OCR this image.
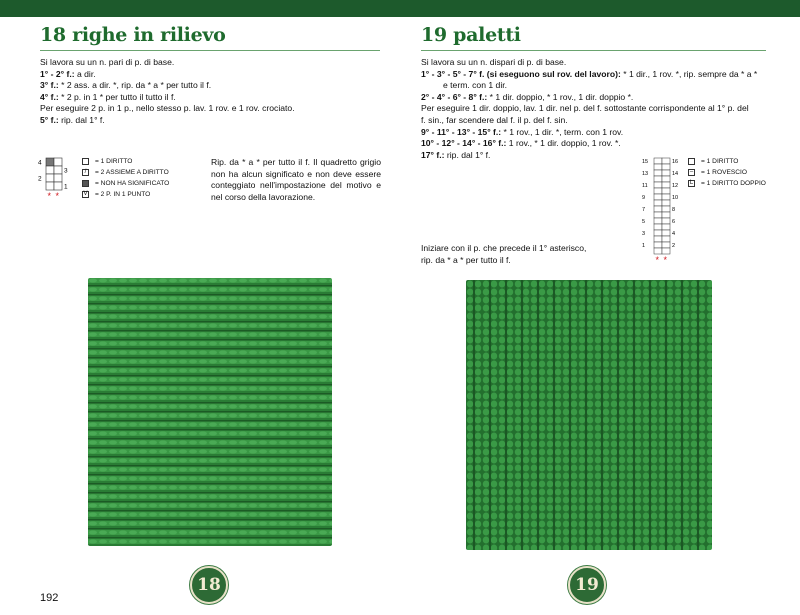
18 righe in rilievo

Si lavora su un n. pari di p. di base.

1° - 2° f.: a dir.

3° f.: * 2 ass. a dir. *, rip. da * a * per tutto il f.

4° f.: * 2 p. in 1 * per tutto il tutto il f.

Per eseguire 2 p. in 1 p., nello stesso p. lav. 1 rov. e 1 rov. crociato.

5° f.: rip. dal 1° f.

4
3
2
1
* *
= 1 DIRITTO
/	= 2 ASSIEME A DIRITTO
= NON HA SIGNIFICATO
V = 2 P. IN 1 PUNTO
Rip. da * a * per tutto il f. Il quadretto grigio non ha alcun significato e non deve essere conteggiato nell'impostazione del motivo e nel corso della lavorazione.
19 paletti

Si lavora su un n. dispari di p. di base.

1° - 3° - 5° - 7° f. (si eseguono sul rov. del lavoro): * 1 dir., 1 rov. *, rip. sempre da * a *

e term. con 1 dir.

2° - 4° - 6° - 8° f.: * 1 dir. doppio, * 1 rov., 1 dir. doppio *.

Per eseguire 1 dir. doppio, lav. 1 dir. nel p. del f. sottostante corrispondente al 1° p. del

f. sin., far scendere dal f. il p. del f. sin.

9° - 11° - 13° - 15° f.: * 1 rov., 1 dir. *, term. con 1 rov.

10° - 12° - 14° - 16° f.: 1 rov., * 1 dir. doppio, 1 rov. *.

17° f.: rip. dal 1° f.

15
13
11
9
7
5
3
1
16
14
12
10
8
6
4
2
* *
= 1 DIRITTO
– = 1 ROVESCIO
L = 1 DIRITTO DOPPIO
Iniziare con il p. che precede il 1° asterisco,
rip. da * a * per tutto il f.
18	19
192
PassionForum.ru
